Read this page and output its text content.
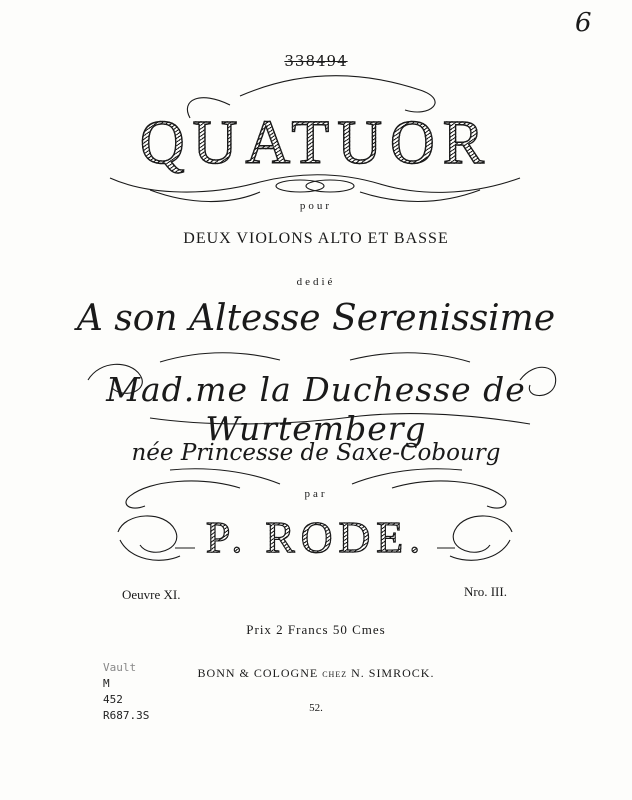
6
338494
QUATUOR
pour
DEUX VIOLONS ALTO ET BASSE
dedié
A son Altesse Serenissime
Mad.me la Duchesse de Wurtemberg
née Princesse de Saxe-Cobourg
par
P. RODE.
Oeuvre XI.	Nro. III.
Prix 2 Francs 50 Cmes
BONN & COLOGNE chez N. SIMROCK.
52.
Vault
M
452
R687.3S
